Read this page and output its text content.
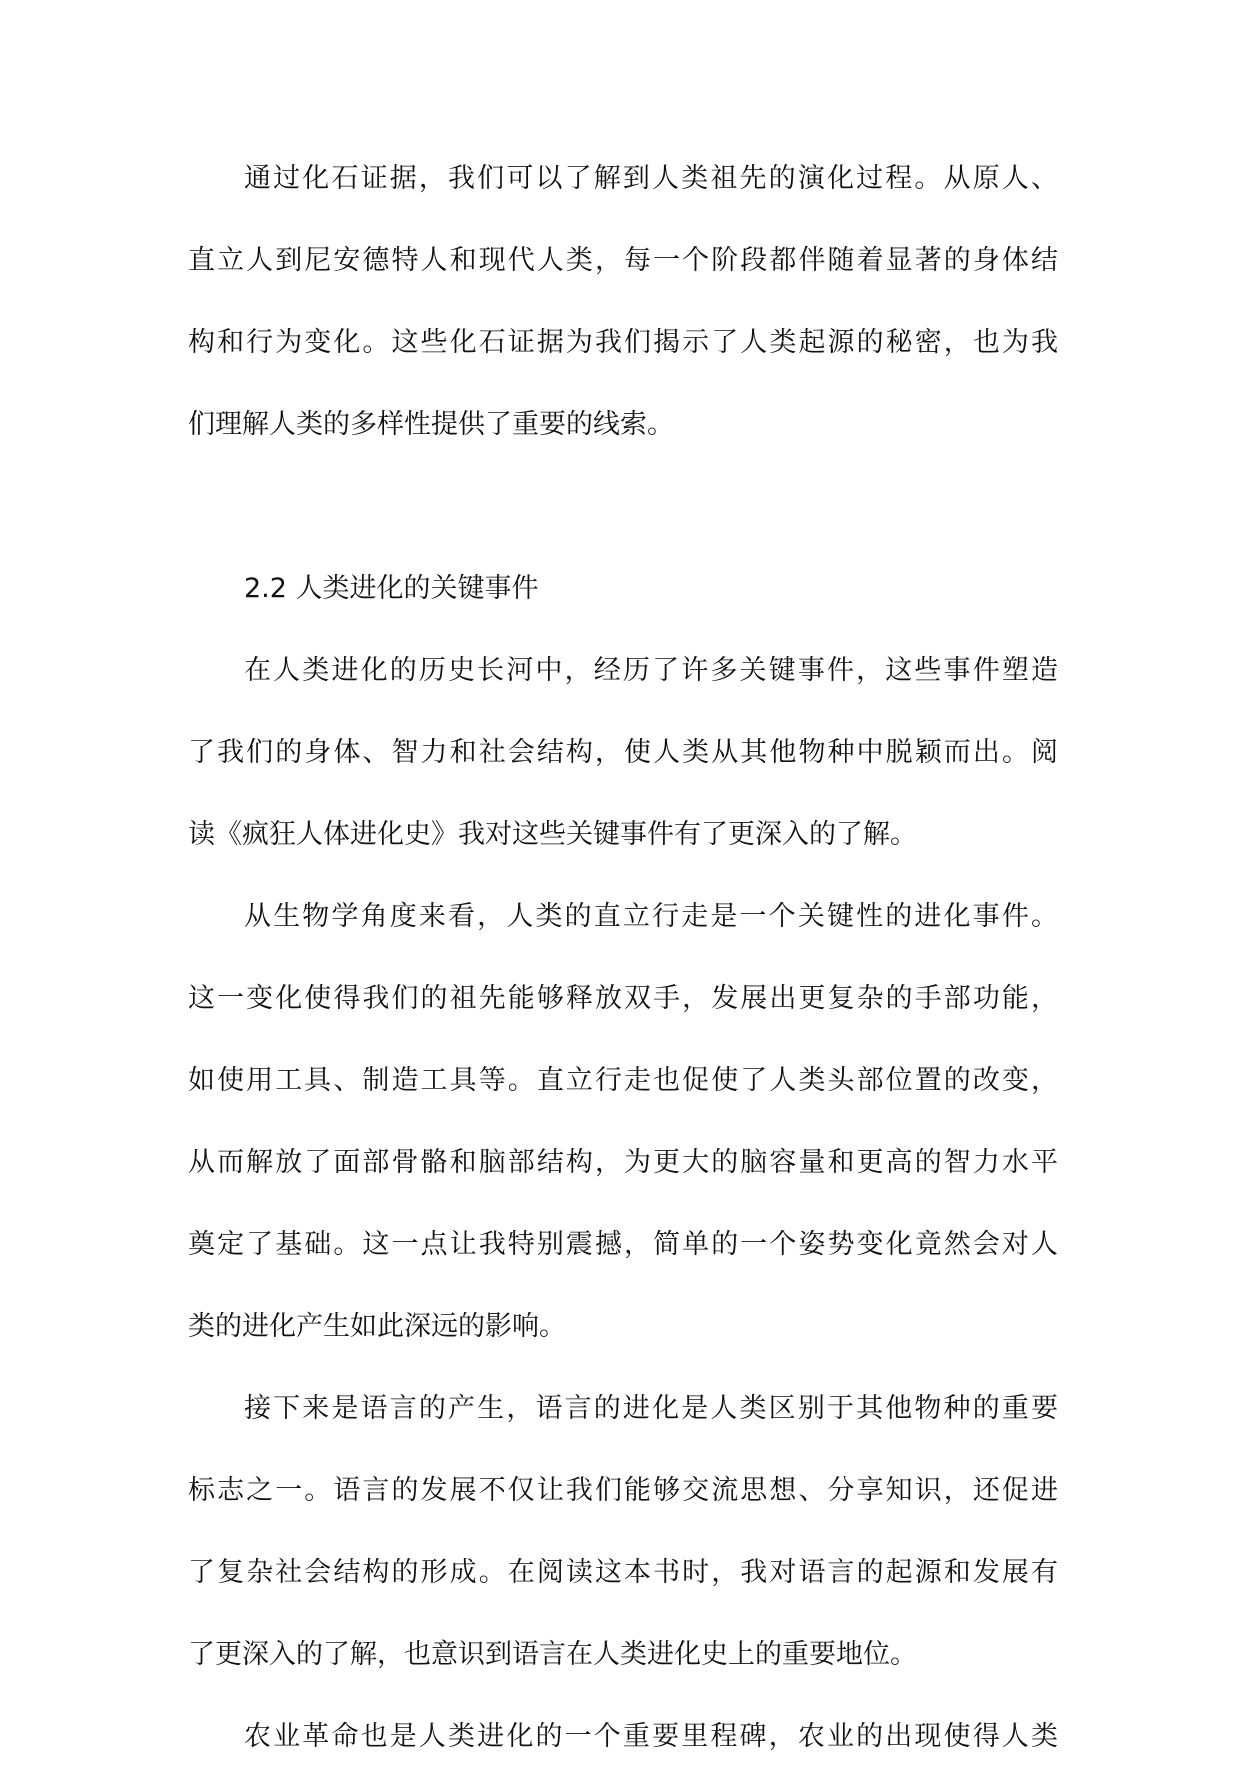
通过化石证据，我们可以了解到人类祖先的演化过程。从原人、
直立人到尼安德特人和现代人类，每一个阶段都伴随着显著的身体结
构和行为变化。这些化石证据为我们揭示了人类起源的秘密，也为我
们理解人类的多样性提供了重要的线索。
2.2 人类进化的关键事件
在人类进化的历史长河中，经历了许多关键事件，这些事件塑造
了我们的身体、智力和社会结构，使人类从其他物种中脱颖而出。阅
读《疯狂人体进化史》我对这些关键事件有了更深入的了解。
从生物学角度来看，人类的直立行走是一个关键性的进化事件。
这一变化使得我们的祖先能够释放双手，发展出更复杂的手部功能，
如使用工具、制造工具等。直立行走也促使了人类头部位置的改变，
从而解放了面部骨骼和脑部结构，为更大的脑容量和更高的智力水平
奠定了基础。这一点让我特别震撼，简单的一个姿势变化竟然会对人
类的进化产生如此深远的影响。
接下来是语言的产生，语言的进化是人类区别于其他物种的重要
标志之一。语言的发展不仅让我们能够交流思想、分享知识，还促进
了复杂社会结构的形成。在阅读这本书时，我对语言的起源和发展有
了更深入的了解，也意识到语言在人类进化史上的重要地位。
农业革命也是人类进化的一个重要里程碑，农业的出现使得人类
